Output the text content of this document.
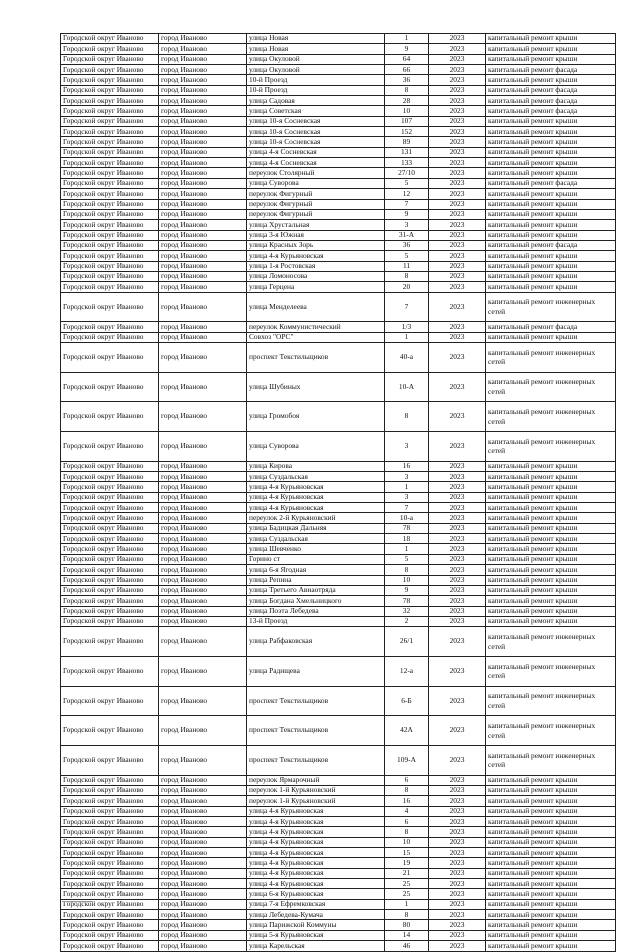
Городской округ Иваново	город Иваново	улица Новая	1	2023	капитальный ремонт крыши
Городской округ Иваново	город Иваново	улица Новая	9	2023	капитальный ремонт крыши
Городской округ Иваново	город Иваново	улица Окуловой	64	2023	капитальный ремонт крыши
Городской округ Иваново	город Иваново	улица Окуловой	66	2023	капитальный ремонт фасада
Городской округ Иваново	город Иваново	10-й Проезд	36	2023	капитальный ремонт крыши
Городской округ Иваново	город Иваново	10-й Проезд	8	2023	капитальный ремонт фасада
Городской округ Иваново	город Иваново	улица Садовая	28	2023	капитальный ремонт фасада
Городской округ Иваново	город Иваново	улица Советская	10	2023	капитальный ремонт фасада
Городской округ Иваново	город Иваново	улица 10-я Сосневская	107	2023	капитальный ремонт крыши
Городской округ Иваново	город Иваново	улица 10-я Сосневская	152	2023	капитальный ремонт крыши
Городской округ Иваново	город Иваново	улица 10-я Сосневская	89	2023	капитальный ремонт крыши
Городской округ Иваново	город Иваново	улица 4-я Сосневская	131	2023	капитальный ремонт крыши
Городской округ Иваново	город Иваново	улица 4-я Сосневская	133	2023	капитальный ремонт крыши
Городской округ Иваново	город Иваново	переулок Столярный	27/10	2023	капитальный ремонт крыши
Городской округ Иваново	город Иваново	улица Суворова	5	2023	капитальный ремонт фасада
Городской округ Иваново	город Иваново	переулок Фигурный	12	2023	капитальный ремонт крыши
Городской округ Иваново	город Иваново	переулок Фигурный	7	2023	капитальный ремонт крыши
Городской округ Иваново	город Иваново	переулок Фигурный	9	2023	капитальный ремонт крыши
Городской округ Иваново	город Иваново	улица Хрустальная	3	2023	капитальный ремонт крыши
Городской округ Иваново	город Иваново	улица 3-я Южная	31-А	2023	капитальный ремонт крыши
Городской округ Иваново	город Иваново	улица Красных Зорь	36	2023	капитальный ремонт фасада
Городской округ Иваново	город Иваново	улица 4-я Курьяновская	5	2023	капитальный ремонт крыши
Городской округ Иваново	город Иваново	улица 1-я Ростовская	11	2023	капитальный ремонт крыши
Городской округ Иваново	город Иваново	улица Ломоносова	8	2023	капитальный ремонт крыши
Городской округ Иваново	город Иваново	улица Герцена	20	2023	капитальный ремонт крыши
Городской округ Иваново	город Иваново	улица Менделеева	7	2023	капитальный ремонт инженерных сетей
Городской округ Иваново	город Иваново	переулок Коммунистический	1/3	2023	капитальный ремонт фасада
Городской округ Иваново	город Иваново	Совхоз "ОРС"	1	2023	капитальный ремонт крыши
Городской округ Иваново	город Иваново	проспект Текстильщиков	40-а	2023	капитальный ремонт инженерных сетей
Городской округ Иваново	город Иваново	улица Шубиных	10-А	2023	капитальный ремонт инженерных сетей
Городской округ Иваново	город Иваново	улица Громобоя	8	2023	капитальный ремонт инженерных сетей
Городской округ Иваново	город Иваново	улица Суворова	3	2023	капитальный ремонт инженерных сетей
Городской округ Иваново	город Иваново	улица Кирова	16	2023	капитальный ремонт крыши
Городской округ Иваново	город Иваново	улица Суздальская	3	2023	капитальный ремонт крыши
Городской округ Иваново	город Иваново	улица 4-я Курьяновская	1	2023	капитальный ремонт крыши
Городской округ Иваново	город Иваново	улица 4-я Курьяновская	3	2023	капитальный ремонт крыши
Городской округ Иваново	город Иваново	улица 4-я Курьяновская	7	2023	капитальный ремонт крыши
Городской округ Иваново	город Иваново	переулок 2-й Курьяновский	10-а	2023	капитальный ремонт крыши
Городской округ Иваново	город Иваново	улица Бадицкая Дальняя	78	2023	капитальный ремонт крыши
Городской округ Иваново	город Иваново	улица Суздальская	18	2023	капитальный ремонт крыши
Городской округ Иваново	город Иваново	улица Шевченко	1	2023	капитальный ремонт крыши
Городской округ Иваново	город Иваново	Горино ст	5	2023	капитальный ремонт крыши
Городской округ Иваново	город Иваново	улица 6-я Ягодная	8	2023	капитальный ремонт крыши
Городской округ Иваново	город Иваново	улица Репина	10	2023	капитальный ремонт крыши
Городской округ Иваново	город Иваново	улица Третьего Авиаотряда	9	2023	капитальный ремонт крыши
Городской округ Иваново	город Иваново	улица Богдана Хмельницкого	78	2023	капитальный ремонт крыши
Городской округ Иваново	город Иваново	улица Поэта Лебедева	32	2023	капитальный ремонт крыши
Городской округ Иваново	город Иваново	13-й Проезд	2	2023	капитальный ремонт крыши
Городской округ Иваново	город Иваново	улица Рабфаковская	26/1	2023	капитальный ремонт инженерных сетей
Городской округ Иваново	город Иваново	улица Радищева	12-а	2023	капитальный ремонт инженерных сетей
Городской округ Иваново	город Иваново	проспект Текстильщиков	6-Б	2023	капитальный ремонт инженерных сетей
Городской округ Иваново	город Иваново	проспект Текстильщиков	42А	2023	капитальный ремонт инженерных сетей
Городской округ Иваново	город Иваново	проспект Текстильщиков	109-А	2023	капитальный ремонт инженерных сетей
Городской округ Иваново	город Иваново	переулок Ярмарочный	6	2023	капитальный ремонт крыши
Городской округ Иваново	город Иваново	переулок 1-й Курьяновский	8	2023	капитальный ремонт крыши
Городской округ Иваново	город Иваново	переулок 1-й Курьяновский	16	2023	капитальный ремонт крыши
Городской округ Иваново	город Иваново	улица 4-я Курьяновская	4	2023	капитальный ремонт крыши
Городской округ Иваново	город Иваново	улица 4-я Курьяновская	6	2023	капитальный ремонт крыши
Городской округ Иваново	город Иваново	улица 4-я Курьяновская	8	2023	капитальный ремонт крыши
Городской округ Иваново	город Иваново	улица 4-я Курьяновская	10	2023	капитальный ремонт крыши
Городской округ Иваново	город Иваново	улица 4-я Курьяновская	15	2023	капитальный ремонт крыши
Городской округ Иваново	город Иваново	улица 4-я Курьяновская	19	2023	капитальный ремонт крыши
Городской округ Иваново	город Иваново	улица 4-я Курьяновская	21	2023	капитальный ремонт крыши
Городской округ Иваново	город Иваново	улица 4-я Курьяновская	25	2023	капитальный ремонт крыши
Городской округ Иваново	город Иваново	улица 6-я Курьяновская	25	2023	капитальный ремонт крыши
Городской округ Иваново	город Иваново	улица 7-я Ефремковская	1	2023	капитальный ремонт крыши
Городской округ Иваново	город Иваново	улица Лебедева-Кумача	8	2023	капитальный ремонт крыши
Городской округ Иваново	город Иваново	улица Парижской Коммуны	80	2023	капитальный ремонт крыши
Городской округ Иваново	город Иваново	улица 5-я Курьяновская	14	2023	капитальный ремонт крыши
Городской округ Иваново	город Иваново	улица Карельская	46	2023	капитальный ремонт крыши
